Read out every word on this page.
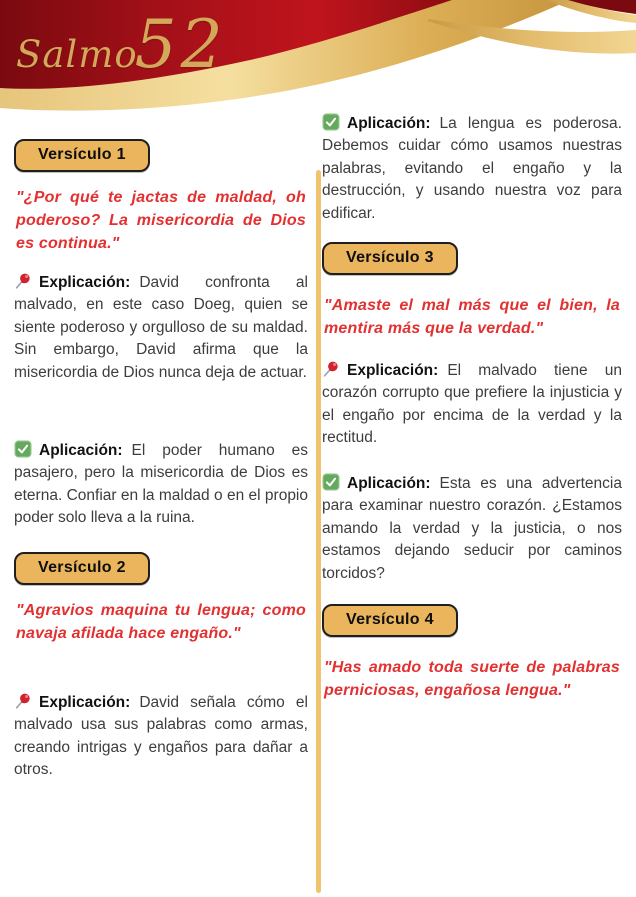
Salmo52
Versículo 1
"¿Por qué te jactas de maldad, oh poderoso? La misericordia de Dios es continua."

Explicación: David confronta al malvado, en este caso Doeg, quien se siente poderoso y orgulloso de su maldad. Sin embargo, David afirma que la misericordia de Dios nunca deja de actuar.

Aplicación: El poder humano es pasajero, pero la misericordia de Dios es eterna. Confiar en la maldad o en el propio poder solo lleva a la ruina.

Versículo 2
"Agravios maquina tu lengua; como navaja afilada hace engaño."

Explicación: David señala cómo el malvado usa sus palabras como armas, creando intrigas y engaños para dañar a otros.

Aplicación: La lengua es poderosa. Debemos cuidar cómo usamos nuestras palabras, evitando el engaño y la destrucción, y usando nuestra voz para edificar.

Versículo 3
"Amaste el mal más que el bien, la mentira más que la verdad."

Explicación: El malvado tiene un corazón corrupto que prefiere la injusticia y el engaño por encima de la verdad y la rectitud.

Aplicación: Esta es una advertencia para examinar nuestro corazón. ¿Estamos amando la verdad y la justicia, o nos estamos dejando seducir por caminos torcidos?

Versículo 4
"Has amado toda suerte de palabras perniciosas, engañosa lengua."
